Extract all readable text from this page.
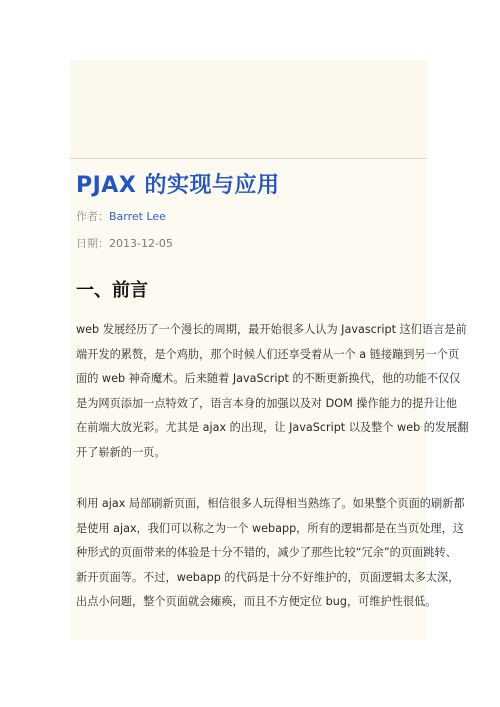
PJAX 的实现与应用
作者：Barret Lee
日期：2013-12-05
一、前言

web 发展经历了一个漫长的周期，最开始很多人认为 Javascript 这们语言是前
端开发的累赘，是个鸡肋，那个时候人们还享受着从一个 a 链接蹦到另一个页
面的 web 神奇魔术。后来随着 JavaScript 的不断更新换代，他的功能不仅仅
是为网页添加一点特效了，语言本身的加强以及对 DOM 操作能力的提升让他
在前端大放光彩。尤其是 ajax 的出现，让 JavaScript 以及整个 web 的发展翻
开了崭新的一页。

利用 ajax 局部刷新页面，相信很多人玩得相当熟练了。如果整个页面的刷新都
是使用 ajax，我们可以称之为一个 webapp，所有的逻辑都是在当页处理，这
种形式的页面带来的体验是十分不错的，减少了那些比较“冗余”的页面跳转、
新开页面等。不过，webapp 的代码是十分不好维护的，页面逻辑太多太深，
出点小问题，整个页面就会瘫痪，而且不方便定位 bug，可维护性很低。
